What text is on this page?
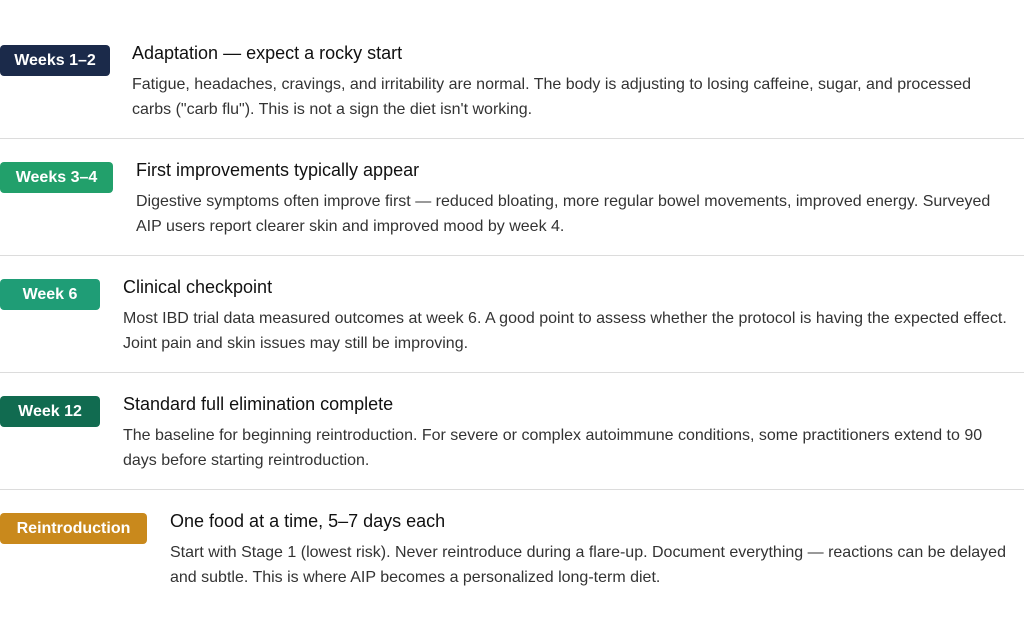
Weeks 1–2	Adaptation — expect a rocky start

Fatigue, headaches, cravings, and irritability are normal. The body is adjusting to losing caffeine, sugar, and processed carbs ("carb flu"). This is not a sign the diet isn't working.

Weeks 3–4	First improvements typically appear

Digestive symptoms often improve first — reduced bloating, more regular bowel movements, improved energy. Surveyed AIP users report clearer skin and improved mood by week 4.

Week 6	Clinical checkpoint

Most IBD trial data measured outcomes at week 6. A good point to assess whether the protocol is having the expected effect. Joint pain and skin issues may still be improving.

Week 12	Standard full elimination complete

The baseline for beginning reintroduction. For severe or complex autoimmune conditions, some practitioners extend to 90 days before starting reintroduction.

Reintroduction	One food at a time, 5–7 days each

Start with Stage 1 (lowest risk). Never reintroduce during a flare-up. Document everything — reactions can be delayed and subtle. This is where AIP becomes a personalized long-term diet.
